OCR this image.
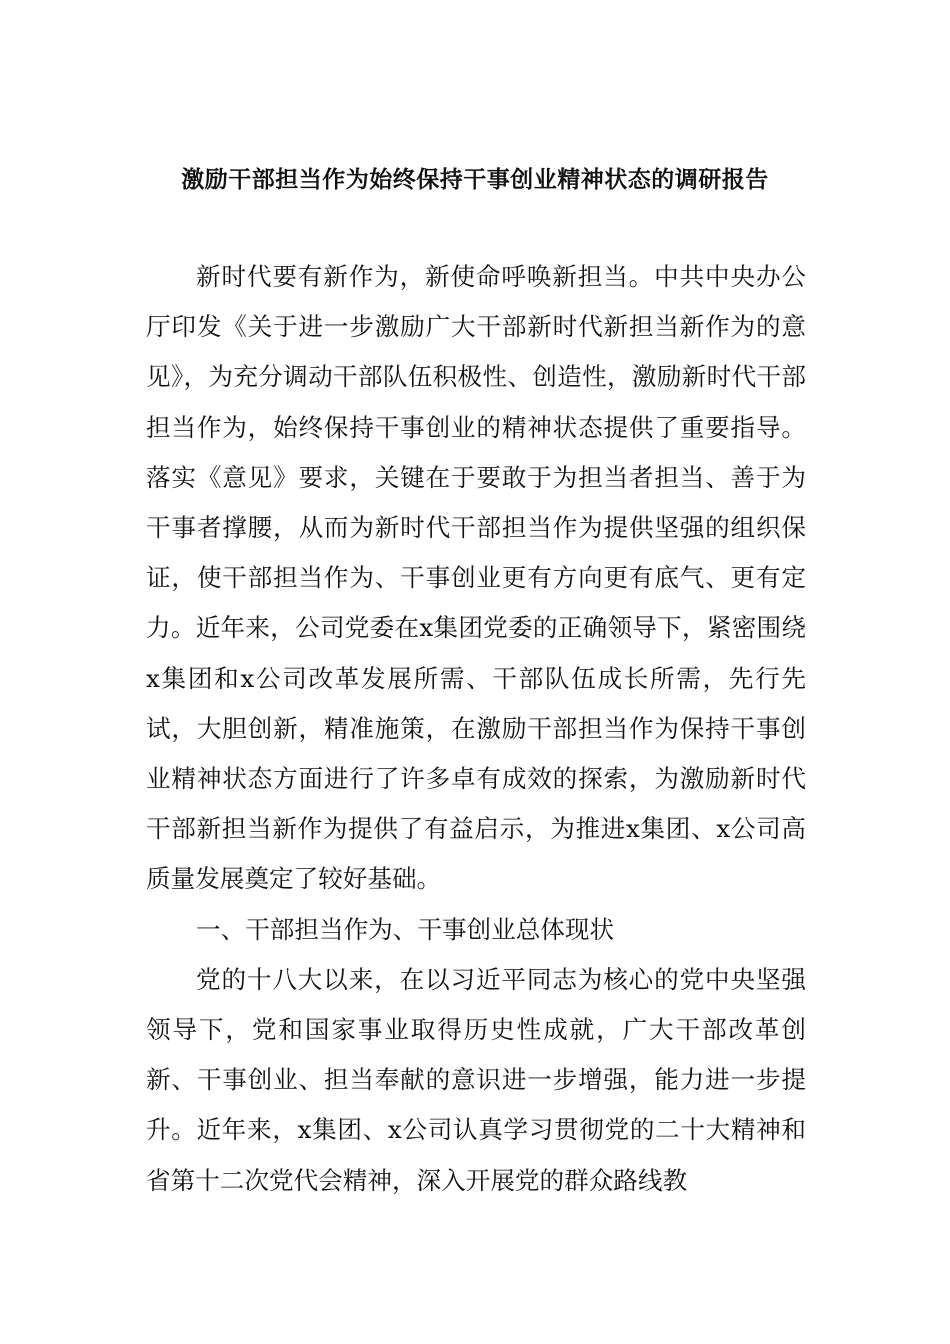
激励干部担当作为始终保持干事创业精神状态的调研报告

新时代要有新作为，新使命呼唤新担当。中共中央办公厅印发《关于进一步激励广大干部新时代新担当新作为的意见》，为充分调动干部队伍积极性、创造性，激励新时代干部担当作为，始终保持干事创业的精神状态提供了重要指导。落实《意见》要求，关键在于要敢于为担当者担当、善于为干事者撑腰，从而为新时代干部担当作为提供坚强的组织保证，使干部担当作为、干事创业更有方向更有底气、更有定力。近年来，公司党委在x集团党委的正确领导下，紧密围绕x集团和x公司改革发展所需、干部队伍成长所需，先行先试，大胆创新，精准施策，在激励干部担当作为保持干事创业精神状态方面进行了许多卓有成效的探索，为激励新时代干部新担当新作为提供了有益启示，为推进x集团、x公司高质量发展奠定了较好基础。

一、干部担当作为、干事创业总体现状

党的十八大以来，在以习近平同志为核心的党中央坚强领导下，党和国家事业取得历史性成就，广大干部改革创新、干事创业、担当奉献的意识进一步增强，能力进一步提升。近年来，x集团、x公司认真学习贯彻党的二十大精神和省第十二次党代会精神，深入开展党的群众路线教
